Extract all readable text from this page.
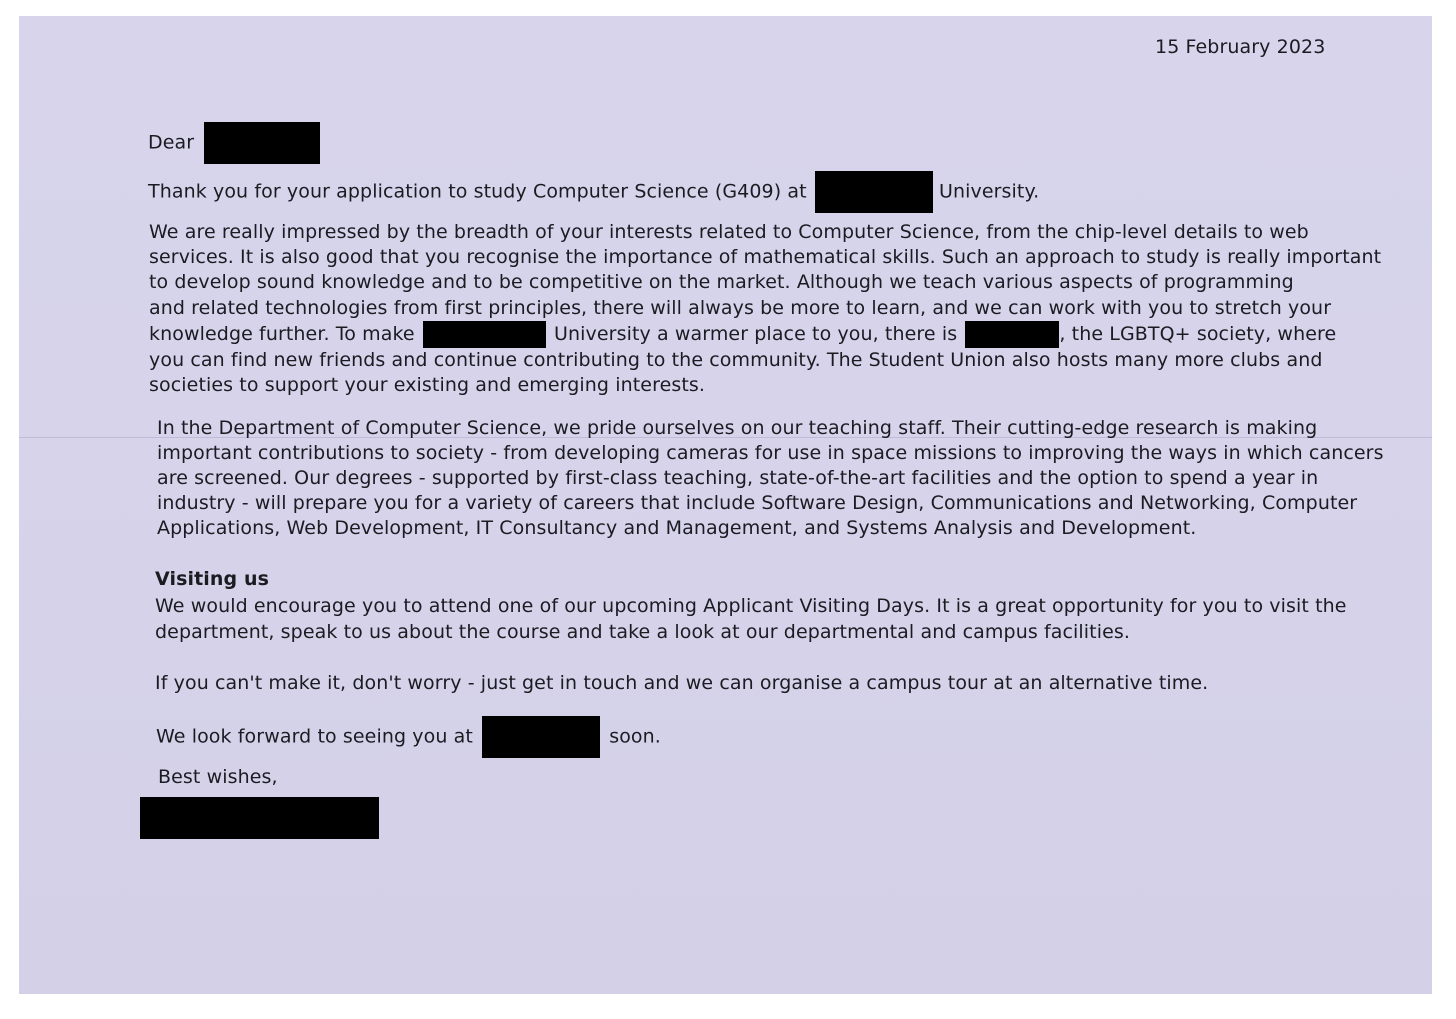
15 February 2023
Dear
Thank you for your application to study Computer Science (G409) at	University.
We are really impressed by the breadth of your interests related to Computer Science, from the chip-level details to web
services. It is also good that you recognise the importance of mathematical skills. Such an approach to study is really important
to develop sound knowledge and to be competitive on the market. Although we teach various aspects of programming
and related technologies from first principles, there will always be more to learn, and we can work with you to stretch your
knowledge further. To make	University a warmer place to you, there is	, the LGBTQ+ society, where
you can find new friends and continue contributing to the community. The Student Union also hosts many more clubs and
societies to support your existing and emerging interests.
In the Department of Computer Science, we pride ourselves on our teaching staff. Their cutting-edge research is making
important contributions to society - from developing cameras for use in space missions to improving the ways in which cancers
are screened. Our degrees - supported by first-class teaching, state-of-the-art facilities and the option to spend a year in
industry - will prepare you for a variety of careers that include Software Design, Communications and Networking, Computer
Applications, Web Development, IT Consultancy and Management, and Systems Analysis and Development.
Visiting us
We would encourage you to attend one of our upcoming Applicant Visiting Days. It is a great opportunity for you to visit the
department, speak to us about the course and take a look at our departmental and campus facilities.
If you can't make it, don't worry - just get in touch and we can organise a campus tour at an alternative time.
We look forward to seeing you at	soon.
Best wishes,
